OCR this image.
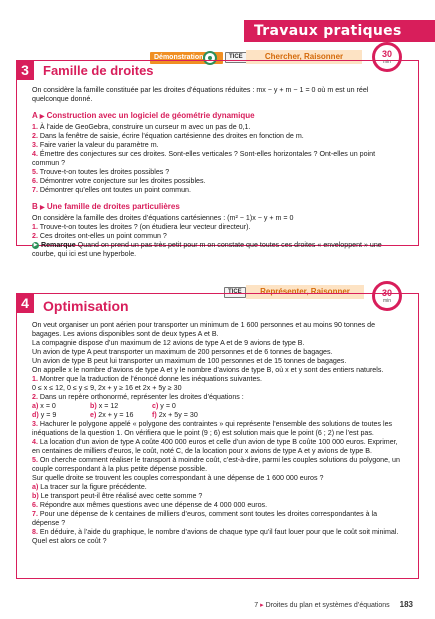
Travaux pratiques
Démonstration	TICE	Chercher, Raisonner	30
min
3	Famille de droites

On considère la famille constituée par les droites d’équations réduites : mx − y + m − 1 = 0 où m est un réel quelconque donné.

A ▶ Construction avec un logiciel de géométrie dynamique

1. À l’aide de GeoGebra, construire un curseur m avec un pas de 0,1.

2. Dans la fenêtre de saisie, écrire l’équation cartésienne des droites en fonction de m.

3. Faire varier la valeur du paramètre m.

4. Émettre des conjectures sur ces droites. Sont-elles verticales ? Sont-elles horizontales ? Ont-elles un point commun ?

5. Trouve-t-on toutes les droites possibles ?

6. Démontrer votre conjecture sur les droites possibles.

7. Démontrer qu’elles ont toutes un point commun.

B ▶ Une famille de droites particulières

On considère la famille des droites d’équations cartésiennes : (m² − 1)x − y + m = 0

1. Trouve-t-on toutes les droites ? (on étudiera leur vecteur directeur).

2. Ces droites ont-elles un point commun ?

▶ Remarque Quand on prend un pas très petit pour m on constate que toutes ces droites « enveloppent » une courbe, qui ici est une hyperbole.

TICE	Représenter, Raisonner	30
min
4	Optimisation

On veut organiser un pont aérien pour transporter un minimum de 1 600 personnes et au moins 90 tonnes de bagages. Les avions disponibles sont de deux types A et B.

La compagnie dispose d’un maximum de 12 avions de type A et de 9 avions de type B.

Un avion de type A peut transporter un maximum de 200 personnes et de 6 tonnes de bagages.

Un avion de type B peut lui transporter un maximum de 100 personnes et de 15 tonnes de bagages.

On appelle x le nombre d’avions de type A et y le nombre d’avions de type B, où x et y sont des entiers naturels.

1. Montrer que la traduction de l’énoncé donne les inéquations suivantes.

0 ≤ x ≤ 12, 0 ≤ y ≤ 9, 2x + y ≥ 16 et 2x + 5y ≥ 30

2. Dans un repère orthonormé, représenter les droites d’équations :

a) x = 0	b) x = 12	c) y = 0
d) y = 9	e) 2x + y = 16	f) 2x + 5y = 30

3. Hachurer le polygone appelé « polygone des contraintes » qui représente l’ensemble des solutions de toutes les inéquations de la question 1. On vérifiera que le point (9 ; 6) est solution mais que le point (6 ; 2) ne l’est pas.

4. La location d’un avion de type A coûte 400 000 euros et celle d’un avion de type B coûte 100 000 euros. Exprimer, en centaines de milliers d’euros, le coût, noté C, de la location pour x avions de type A et y avions de type B.

5. On cherche comment réaliser le transport à moindre coût, c’est-à-dire, parmi les couples solutions du polygone, un couple correspondant à la plus petite dépense possible.

Sur quelle droite se trouvent les couples correspondant à une dépense de 1 600 000 euros ?

a) La tracer sur la figure précédente.

b) Le transport peut-il être réalisé avec cette somme ?

6. Répondre aux mêmes questions avec une dépense de 4 000 000 euros.

7. Pour une dépense de k centaines de milliers d’euros, comment sont toutes les droites correspondantes à la dépense ?

8. En déduire, à l’aide du graphique, le nombre d’avions de chaque type qu’il faut louer pour que le coût soit minimal.

Quel est alors ce coût ?

7 ▸ Droites du plan et systèmes d’équations 183
